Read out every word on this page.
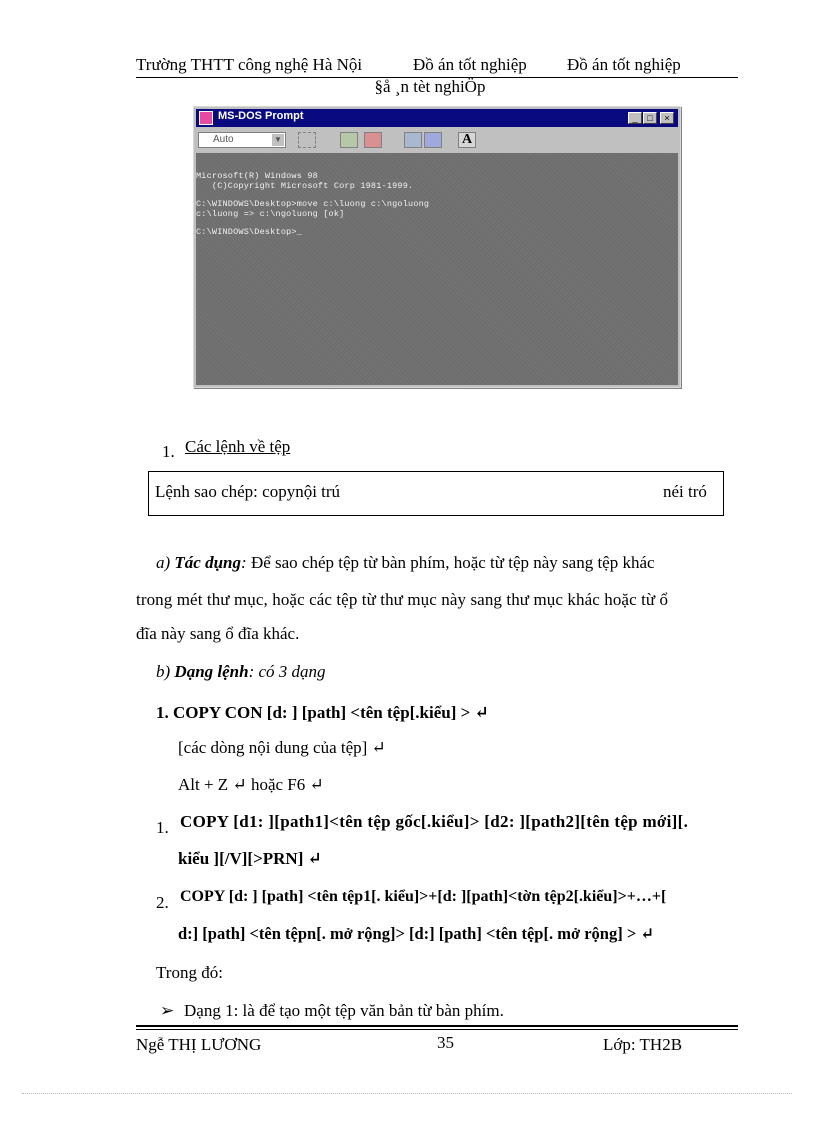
Trường THTT công nghệ Hà Nội	Đồ án tốt nghiệp Đồ án tốt nghiệp
§å ¸n tèt nghiÖp
MS-DOS Prompt	_	□	×
Auto	▼	A
Microsoft(R) Windows 98
(C)Copyright Microsoft Corp 1981-1999.
C:\WINDOWS\Desktop>move c:\luong c:\ngoluong
c:\luong => c:\ngoluong [ok]
C:\WINDOWS\Desktop>_
1. Các lệnh về tệp
Lệnh sao chép: copynội trú	néi tró
a) Tác dụng: Để sao chép tệp từ bàn phím, hoặc từ tệp này sang tệp khác
trong mét thư mục, hoặc các tệp từ thư mục này sang thư mục khác hoặc từ ổ
đĩa này sang ổ đĩa khác.
b) Dạng lệnh: có 3 dạng
1. COPY CON [d: ] [path] <tên tệp[.kiểu] > ↵
[các dòng nội dung của tệp] ↵
Alt + Z ↵ hoặc F6 ↵
1. COPY [d1: ][path1]<tên tệp gốc[.kiểu]> [d2: ][path2][tên tệp mới][.
kiểu ][/V][>PRN] ↵
2. COPY [d: ] [path] <tên tệp1[. kiểu]>+[d: ][path]<tờn tệp2[.kiểu]>+…+[
d:] [path] <tên tệpn[. mở rộng]> [d:] [path] <tên tệp[. mở rộng] > ↵
Trong đó:
➢ Dạng 1: là để tạo một tệp văn bản từ bàn phím.
Ngễ THỊ LƯƠNG	35	Lớp: TH2B
